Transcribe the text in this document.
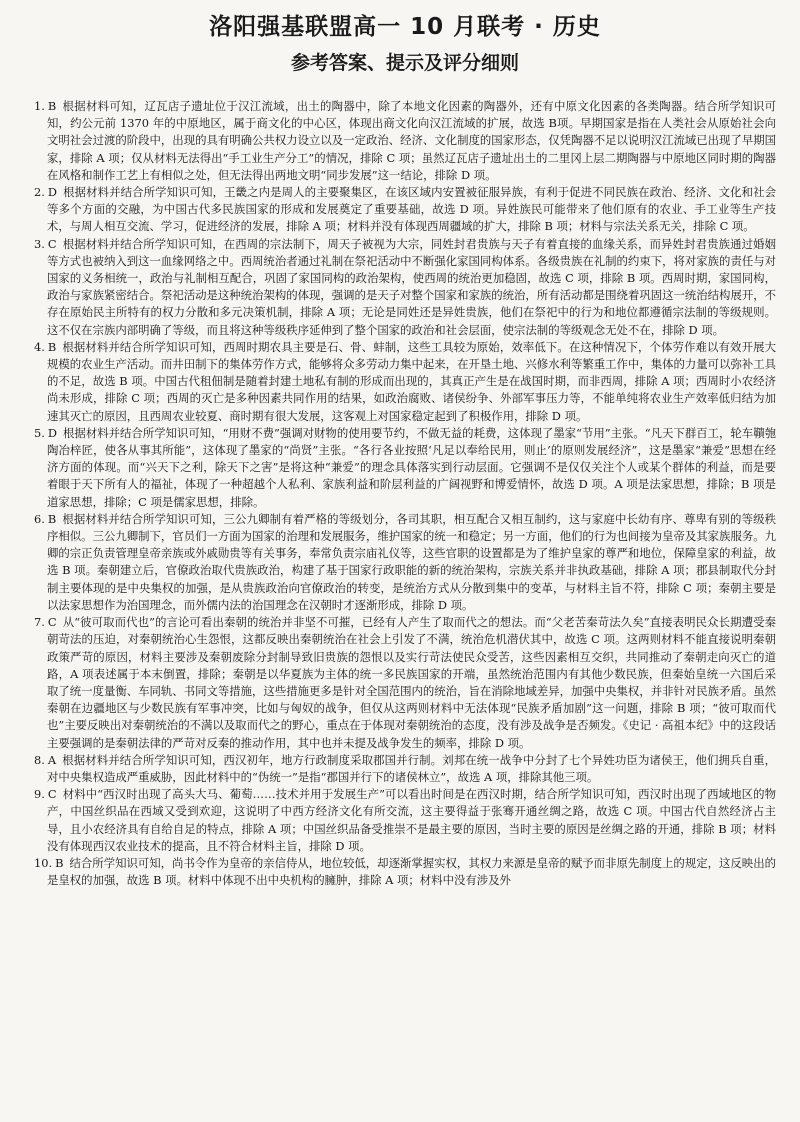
洛阳强基联盟高一 10 月联考 · 历史
参考答案、提示及评分细则

1. B 根据材料可知，辽瓦店子遗址位于汉江流域，出土的陶器中，除了本地文化因素的陶器外，还有中原文化因素的各类陶器。结合所学知识可知，约公元前 1370 年的中原地区，属于商文化的中心区，体现出商文化向汉江流域的扩展，故选 B项。早期国家是指在人类社会从原始社会向文明社会过渡的阶段中，出现的具有明确公共权力设立以及一定政治、经济、文化制度的国家形态，仅凭陶器不足以说明汉江流域已出现了早期国家，排除 A 项；仅从材料无法得出“手工业生产分工”的情况，排除 C 项；虽然辽瓦店子遗址出土的二里冈上层二期陶器与中原地区同时期的陶器在风格和制作工艺上有相似之处，但无法得出两地文明“同步发展”这一结论，排除 D 项。

2. D 根据材料并结合所学知识可知，王畿之内是周人的主要聚集区，在该区域内安置被征服异族，有利于促进不同民族在政治、经济、文化和社会等多个方面的交融，为中国古代多民族国家的形成和发展奠定了重要基础，故选 D 项。异姓族民可能带来了他们原有的农业、手工业等生产技术，与周人相互交流、学习，促进经济的发展，排除 A 项；材料并没有体现西周疆域的扩大，排除 B 项；材料与宗法关系无关，排除 C 项。

3. C 根据材料并结合所学知识可知，在西周的宗法制下，周天子被视为大宗，同姓封君贵族与天子有着直接的血缘关系，而异姓封君贵族通过婚姻等方式也被纳入到这一血缘网络之中。西周统治者通过礼制在祭祀活动中不断强化家国同构体系。各级贵族在礼制的约束下，将对家族的责任与对国家的义务相统一，政治与礼制相互配合，巩固了家国同构的政治架构，使西周的统治更加稳固，故选 C 项，排除 B 项。西周时期，家国同构，政治与家族紧密结合。祭祀活动是这种统治架构的体现，强调的是天子对整个国家和家族的统治，所有活动都是围绕着巩固这一统治结构展开，不存在原始民主所特有的权力分散和多元决策机制，排除 A 项；无论是同姓还是异姓贵族，他们在祭祀中的行为和地位都遵循宗法制的等级规则。这不仅在宗族内部明确了等级，而且将这种等级秩序延伸到了整个国家的政治和社会层面，使宗法制的等级观念无处不在，排除 D 项。

4. B 根据材料并结合所学知识可知，西周时期农具主要是石、骨、蚌制，这些工具较为原始，效率低下。在这种情况下，个体劳作难以有效开展大规模的农业生产活动。而井田制下的集体劳作方式，能够将众多劳动力集中起来，在开垦土地、兴修水利等繁重工作中，集体的力量可以弥补工具的不足，故选 B 项。中国古代租佃制是随着封建土地私有制的形成而出现的，其真正产生是在战国时期，而非西周，排除 A 项；西周时小农经济尚未形成，排除 C 项；西周的灭亡是多种因素共同作用的结果，如政治腐败、诸侯纷争、外部军事压力等，不能单纯将农业生产效率低归结为加速其灭亡的原因，且西周农业较夏、商时期有很大发展，这客观上对国家稳定起到了积极作用，排除 D 项。

5. D 根据材料并结合所学知识可知，“用财不费”强调对财物的使用要节约，不做无益的耗费，这体现了墨家“节用”主张。“凡天下群百工，轮车鞼匏陶冶梓匠，使各从事其所能”，这体现了墨家的“尚贤”主张。“各行各业按照‘凡足以奉给民用，则止’的原则发展经济”，这是墨家“兼爱”思想在经济方面的体现。而“兴天下之利，除天下之害”是将这种“兼爱”的理念具体落实到行动层面。它强调不是仅仅关注个人或某个群体的利益，而是要着眼于天下所有人的福祉，体现了一种超越个人私利、家族利益和阶层利益的广阔视野和博爱情怀，故选 D 项。A 项是法家思想，排除；B 项是道家思想，排除；C 项是儒家思想，排除。

6. B 根据材料并结合所学知识可知，三公九卿制有着严格的等级划分，各司其职，相互配合又相互制约，这与家庭中长幼有序、尊卑有别的等级秩序相似。三公九卿制下，官员们一方面为国家的治理和发展服务，维护国家的统一和稳定；另一方面，他们的行为也间接为皇帝及其家族服务。九卿的宗正负责管理皇帝亲族或外戚勋贵等有关事务，奉常负责宗庙礼仪等，这些官职的设置都是为了维护皇家的尊严和地位，保障皇家的利益，故选 B 项。秦朝建立后，官僚政治取代贵族政治，构建了基于国家行政职能的新的统治架构，宗族关系并非执政基础，排除 A 项；郡县制取代分封制主要体现的是中央集权的加强，是从贵族政治向官僚政治的转变，是统治方式从分散到集中的变革，与材料主旨不符，排除 C 项；秦朝主要是以法家思想作为治国理念，而外儒内法的治国理念在汉朝时才逐渐形成，排除 D 项。

7. C 从“彼可取而代也”的言论可看出秦朝的统治并非坚不可摧，已经有人产生了取而代之的想法。而“父老苦秦苛法久矣”直接表明民众长期遭受秦朝苛法的压迫，对秦朝统治心生怨恨，这都反映出秦朝统治在社会上引发了不满，统治危机潜伏其中，故选 C 项。这两则材料不能直接说明秦朝政策严苛的原因，材料主要涉及秦朝废除分封制导致旧贵族的怨恨以及实行苛法使民众受苦，这些因素相互交织，共同推动了秦朝走向灭亡的道路，A 项表述属于本末倒置，排除；秦朝是以华夏族为主体的统一多民族国家的开端，虽然统治范围内有其他少数民族，但秦始皇统一六国后采取了统一度量衡、车同轨、书同文等措施，这些措施更多是针对全国范围内的统治，旨在消除地域差异，加强中央集权，并非针对民族矛盾。虽然秦朝在边疆地区与少数民族有军事冲突，比如与匈奴的战争，但仅从这两则材料中无法体现“民族矛盾加剧”这一问题，排除 B 项；“彼可取而代也”主要反映出对秦朝统治的不满以及取而代之的野心，重点在于体现对秦朝统治的态度，没有涉及战争是否频发。《史记 · 高祖本纪》中的这段话主要强调的是秦朝法律的严苛对反秦的推动作用，其中也并未提及战争发生的频率，排除 D 项。

8. A 根据材料并结合所学知识可知，西汉初年，地方行政制度采取郡国并行制。刘邦在统一战争中分封了七个异姓功臣为诸侯王，他们拥兵自重，对中央集权造成严重威胁，因此材料中的“伪统一”是指“郡国并行下的诸侯林立”，故选 A 项，排除其他三项。

9. C 材料中“西汉时出现了高头大马、葡萄……技术并用于发展生产”可以看出时间是在西汉时期，结合所学知识可知，西汉时出现了西域地区的物产，中国丝织品在西域又受到欢迎，这说明了中西方经济文化有所交流，这主要得益于张骞开通丝绸之路，故选 C 项。中国古代自然经济占主导，且小农经济具有自给自足的特点，排除 A 项；中国丝织品备受推崇不是最主要的原因，当时主要的原因是丝绸之路的开通，排除 B 项；材料没有体现西汉农业技术的提高，且不符合材料主旨，排除 D 项。

10. B 结合所学知识可知，尚书令作为皇帝的亲信侍从，地位较低，却逐渐掌握实权，其权力来源是皇帝的赋予而非原先制度上的规定，这反映出的是皇权的加强，故选 B 项。材料中体现不出中央机构的臃肿，排除 A 项；材料中没有涉及外
